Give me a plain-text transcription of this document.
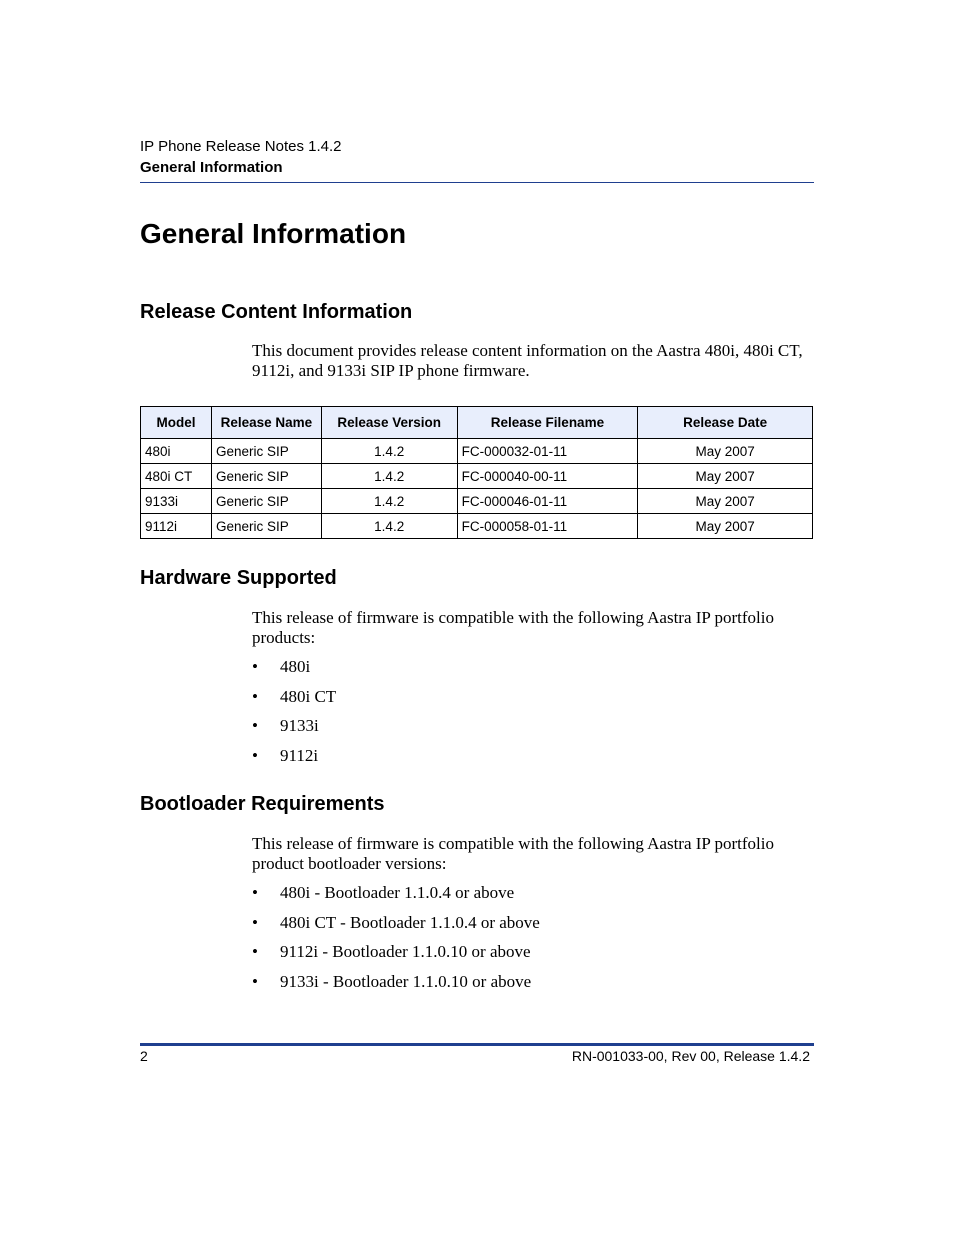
IP Phone Release Notes 1.4.2
General Information
General Information
Release Content Information

This document provides release content information on the Aastra 480i, 480i CT, 9112i, and 9133i SIP IP phone firmware.

Model	Release Name	Release Version	Release Filename	Release Date
480i	Generic SIP	1.4.2	FC-000032-01-11	May 2007
480i CT	Generic SIP	1.4.2	FC-000040-00-11	May 2007
9133i	Generic SIP	1.4.2	FC-000046-01-11	May 2007
9112i	Generic SIP	1.4.2	FC-000058-01-11	May 2007
Hardware Supported

This release of firmware is compatible with the following Aastra IP portfolio products:

• 480i
• 480i CT
• 9133i
• 9112i
Bootloader Requirements

This release of firmware is compatible with the following Aastra IP portfolio product bootloader versions:

• 480i - Bootloader 1.1.0.4 or above
• 480i CT - Bootloader 1.1.0.4 or above
• 9112i - Bootloader 1.1.0.10 or above
• 9133i - Bootloader 1.1.0.10 or above
2	RN-001033-00, Rev 00, Release 1.4.2
